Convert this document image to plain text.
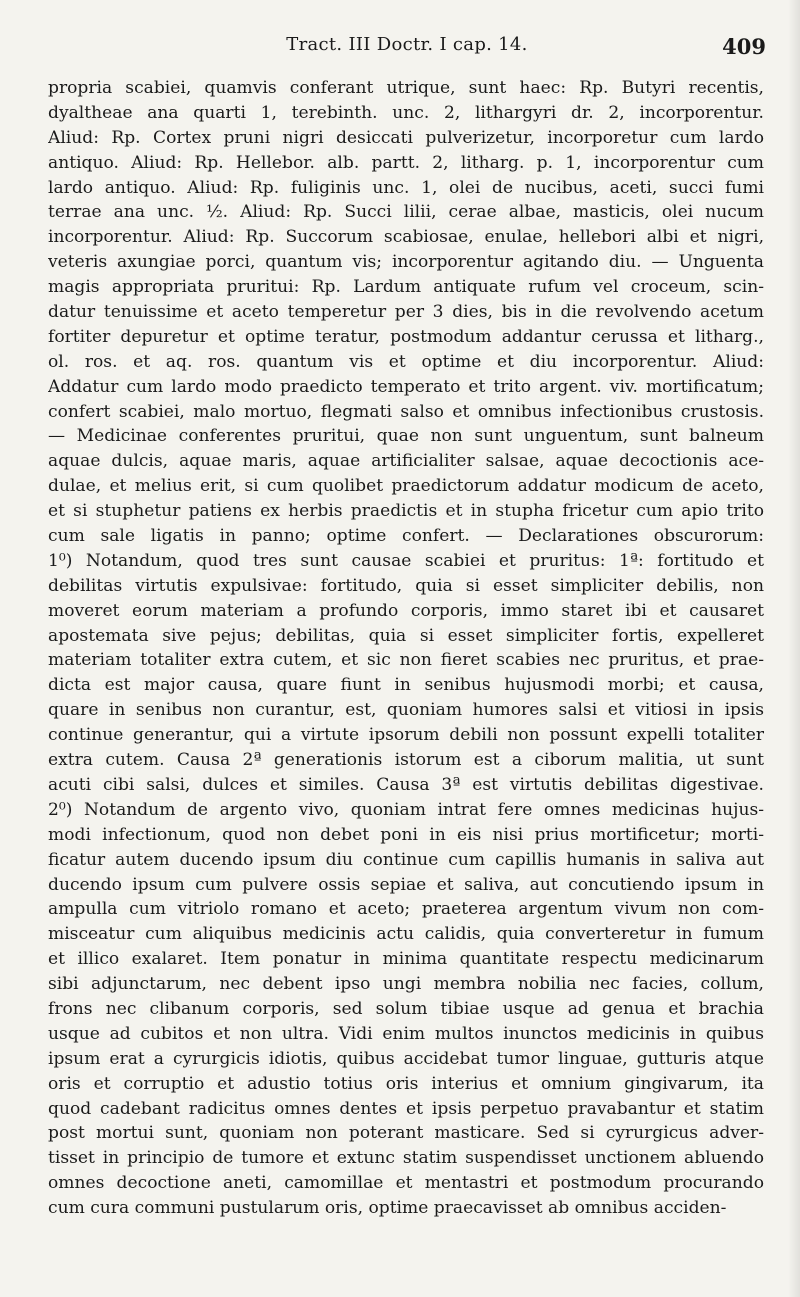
Tract. III Doctr. I cap. 14.	409
propria scabiei, quamvis conferant utrique, sunt haec: Rp. Butyri recentis,
dyaltheae ana quarti 1, terebinth. unc. 2, lithargyri dr. 2, incorporentur.
Aliud: Rp. Cortex pruni nigri desiccati pulverizetur, incorporetur cum lardo
antiquo. Aliud: Rp. Hellebor. alb. partt. 2, litharg. p. 1, incorporentur cum
lardo antiquo. Aliud: Rp. fuliginis unc. 1, olei de nucibus, aceti, succi fumi
terrae ana unc. ½. Aliud: Rp. Succi lilii, cerae albae, masticis, olei nucum
incorporentur. Aliud: Rp. Succorum scabiosae, enulae, hellebori albi et nigri,
veteris axungiae porci, quantum vis; incorporentur agitando diu. — Unguenta
magis appropriata pruritui: Rp. Lardum antiquate rufum vel croceum, scin-
datur tenuissime et aceto temperetur per 3 dies, bis in die revolvendo acetum
fortiter depuretur et optime teratur, postmodum addantur cerussa et litharg.,
ol. ros. et aq. ros. quantum vis et optime et diu incorporentur. Aliud:
Addatur cum lardo modo praedicto temperato et trito argent. viv. mortificatum;
confert scabiei, malo mortuo, flegmati salso et omnibus infectionibus crustosis.
— Medicinae conferentes pruritui, quae non sunt unguentum, sunt balneum
aquae dulcis, aquae maris, aquae artificialiter salsae, aquae decoctionis ace-
dulae, et melius erit, si cum quolibet praedictorum addatur modicum de aceto,
et si stuphetur patiens ex herbis praedictis et in stupha fricetur cum apio trito
cum sale ligatis in panno; optime confert. — Declarationes obscurorum:
1⁰) Notandum, quod tres sunt causae scabiei et pruritus: 1ª: fortitudo et
debilitas virtutis expulsivae: fortitudo, quia si esset simpliciter debilis, non
moveret eorum materiam a profundo corporis, immo staret ibi et causaret
apostemata sive pejus; debilitas, quia si esset simpliciter fortis, expelleret
materiam totaliter extra cutem, et sic non fieret scabies nec pruritus, et prae-
dicta est major causa, quare fiunt in senibus hujusmodi morbi; et causa,
quare in senibus non curantur, est, quoniam humores salsi et vitiosi in ipsis
continue generantur, qui a virtute ipsorum debili non possunt expelli totaliter
extra cutem. Causa 2ª generationis istorum est a ciborum malitia, ut sunt
acuti cibi salsi, dulces et similes. Causa 3ª est virtutis debilitas digestivae.
2⁰) Notandum de argento vivo, quoniam intrat fere omnes medicinas hujus-
modi infectionum, quod non debet poni in eis nisi prius mortificetur; morti-
ficatur autem ducendo ipsum diu continue cum capillis humanis in saliva aut
ducendo ipsum cum pulvere ossis sepiae et saliva, aut concutiendo ipsum in
ampulla cum vitriolo romano et aceto; praeterea argentum vivum non com-
misceatur cum aliquibus medicinis actu calidis, quia converteretur in fumum
et illico exalaret. Item ponatur in minima quantitate respectu medicinarum
sibi adjunctarum, nec debent ipso ungi membra nobilia nec facies, collum,
frons nec clibanum corporis, sed solum tibiae usque ad genua et brachia
usque ad cubitos et non ultra. Vidi enim multos inunctos medicinis in quibus
ipsum erat a cyrurgicis idiotis, quibus accidebat tumor linguae, gutturis atque
oris et corruptio et adustio totius oris interius et omnium gingivarum, ita
quod cadebant radicitus omnes dentes et ipsis perpetuo pravabantur et statim
post mortui sunt, quoniam non poterant masticare. Sed si cyrurgicus adver-
tisset in principio de tumore et extunc statim suspendisset unctionem abluendo
omnes decoctione aneti, camomillae et mentastri et postmodum procurando
cum cura communi pustularum oris, optime praecavisset ab omnibus acciden-
